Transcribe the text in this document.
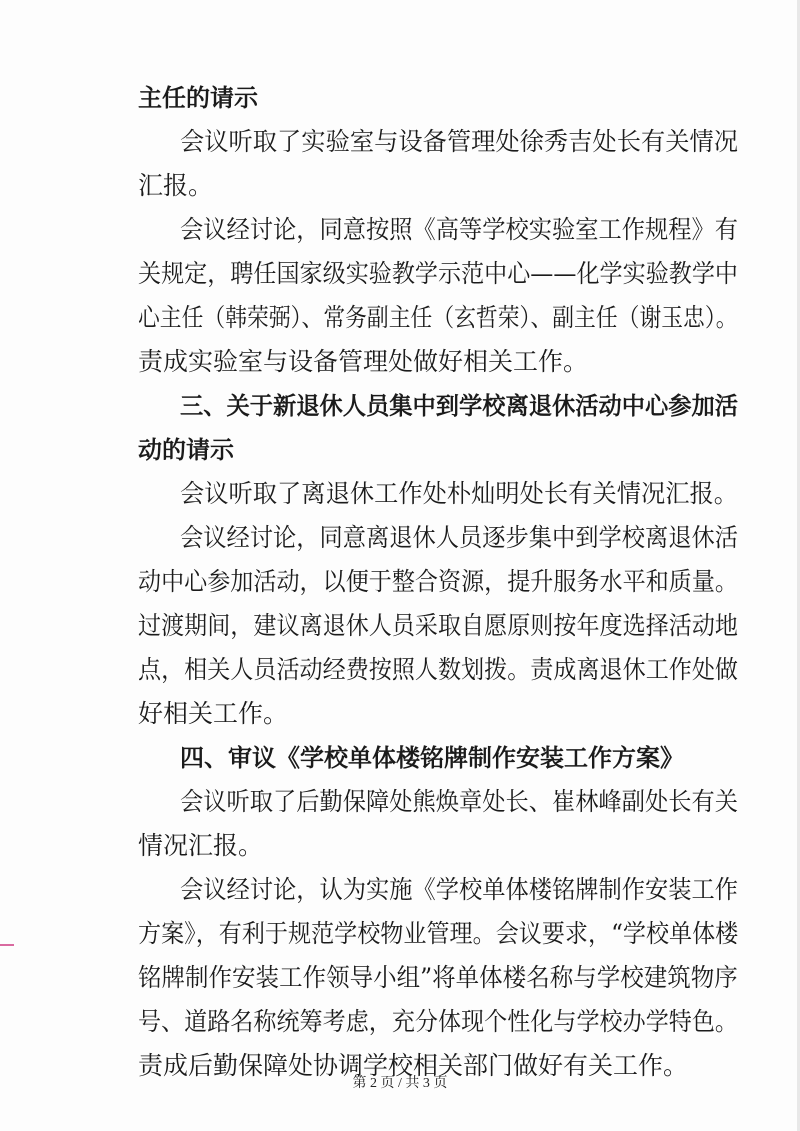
主任的请示
会议听取了实验室与设备管理处徐秀吉处长有关情况
汇报。
会议经讨论，同意按照《高等学校实验室工作规程》有
关规定，聘任国家级实验教学示范中心——化学实验教学中
心主任（韩荣弼）、常务副主任（玄哲荣）、副主任（谢玉忠）。
责成实验室与设备管理处做好相关工作。
三、关于新退休人员集中到学校离退休活动中心参加活
动的请示
会议听取了离退休工作处朴灿明处长有关情况汇报。
会议经讨论，同意离退休人员逐步集中到学校离退休活
动中心参加活动，以便于整合资源，提升服务水平和质量。
过渡期间，建议离退休人员采取自愿原则按年度选择活动地
点，相关人员活动经费按照人数划拨。责成离退休工作处做
好相关工作。
四、审议《学校单体楼铭牌制作安装工作方案》
会议听取了后勤保障处熊焕章处长、崔林峰副处长有关
情况汇报。
会议经讨论，认为实施《学校单体楼铭牌制作安装工作
方案》，有利于规范学校物业管理。会议要求，“学校单体楼
铭牌制作安装工作领导小组”将单体楼名称与学校建筑物序
号、道路名称统筹考虑，充分体现个性化与学校办学特色。
责成后勤保障处协调学校相关部门做好有关工作。
第 2 页 / 共 3 页
